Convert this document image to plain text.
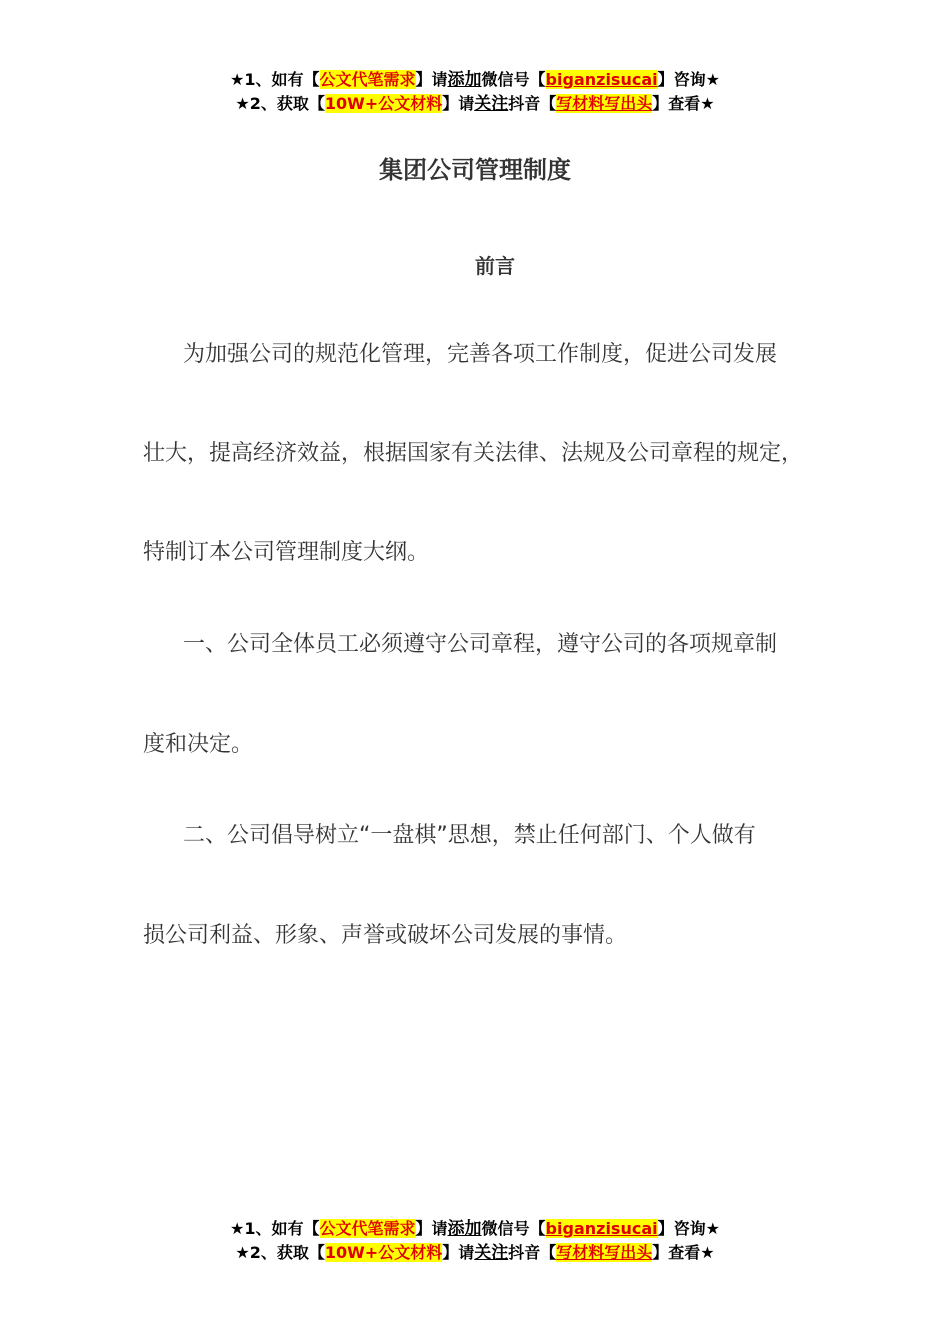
★1、如有【公文代笔需求】请添加微信号【biganzisucai】咨询★
★2、获取【10W+公文材料】请关注抖音【写材料写出头】查看★
集团公司管理制度
前言
为加强公司的规范化管理，完善各项工作制度，促进公司发展
壮大，提高经济效益，根据国家有关法律、法规及公司章程的规定，
特制订本公司管理制度大纲。
一、公司全体员工必须遵守公司章程，遵守公司的各项规章制
度和决定。
二、公司倡导树立“一盘棋”思想，禁止任何部门、个人做有
损公司利益、形象、声誉或破坏公司发展的事情。
★1、如有【公文代笔需求】请添加微信号【biganzisucai】咨询★
★2、获取【10W+公文材料】请关注抖音【写材料写出头】查看★
